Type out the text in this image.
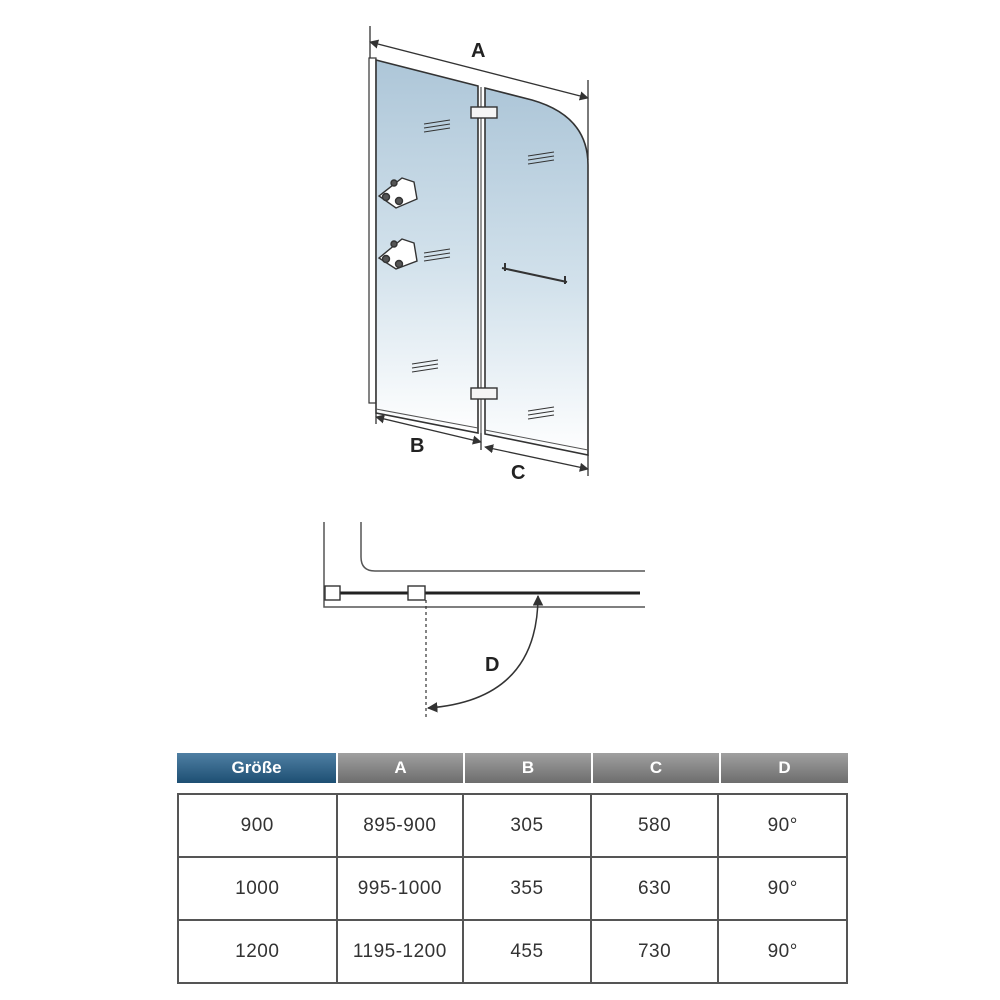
A
B
C
D
Größe	A	B	C	D
900	895-900	305	580	90°
1000	995-1000	355	630	90°
1200	1195-1200	455	730	90°
